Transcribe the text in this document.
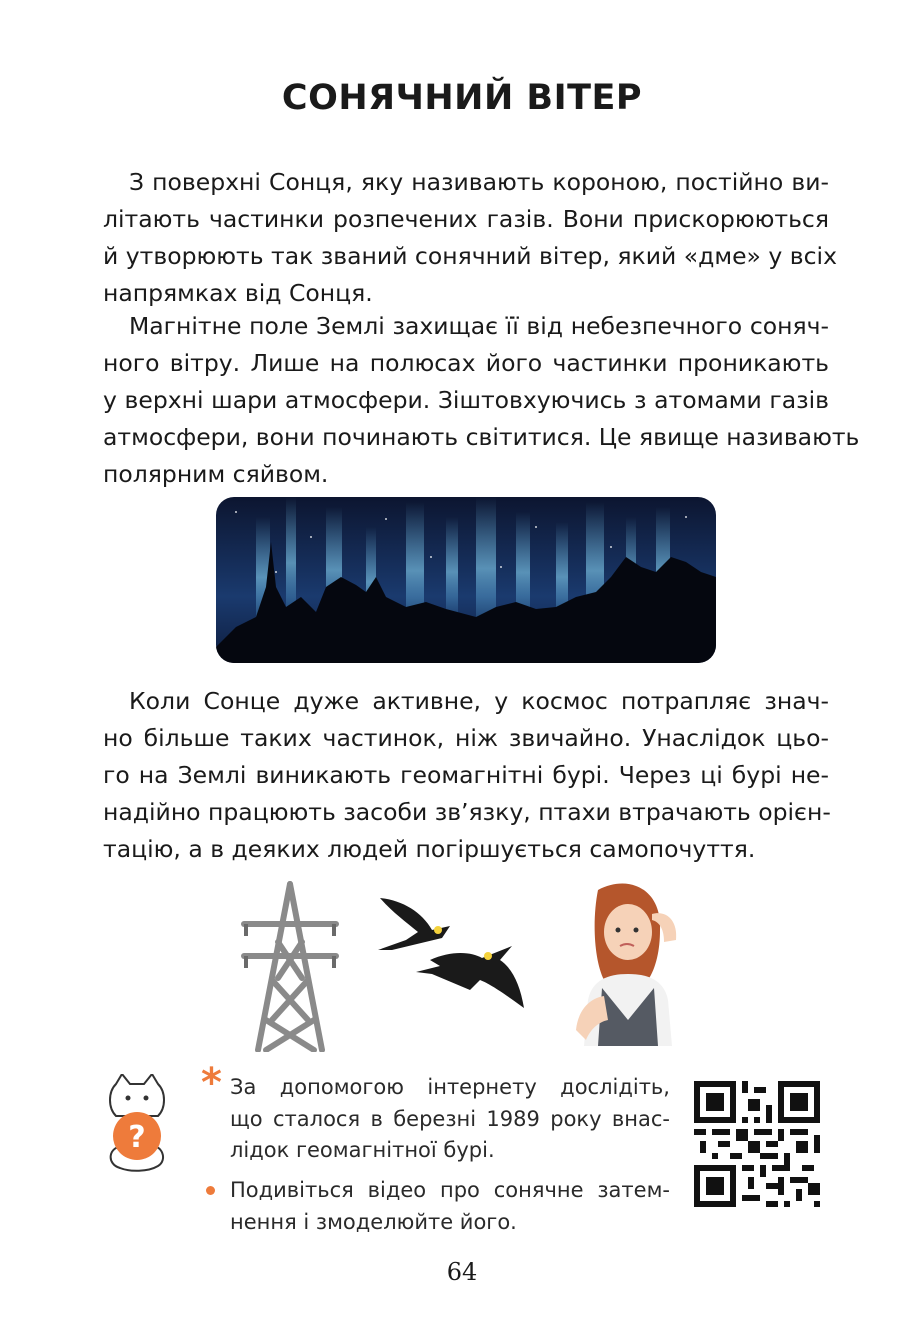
СОНЯЧНИЙ ВІТЕР
З поверхні Сонця, яку називають короною, постійно ви-
літають частинки розпечених газів. Вони прискорюються
й утворюють так званий сонячний вітер, який «дме» у всіх
напрямках від Сонця.
Магнітне поле Землі захищає її від небезпечного соняч-
ного вітру. Лише на полюсах його частинки проникають
у верхні шари атмосфери. Зіштовхуючись з атомами газів
атмосфери, вони починають світитися. Це явище називають
полярним сяйвом.
Коли Сонце дуже активне, у космос потрапляє знач-
но більше таких частинок, ніж звичайно. Унаслідок цьо-
го на Землі виникають геомагнітні бурі. Через ці бурі не-
надійно працюють засоби зв’язку, птахи втрачають орієн-
тацію, а в деяких людей погіршується самопочуття.
?
* За допомогою інтернету дослідіть,
що сталося в березні 1989 року внас-
лідок геомагнітної бурі.
Подивіться відео про сонячне затем-
нення і змоделюйте його.
64
